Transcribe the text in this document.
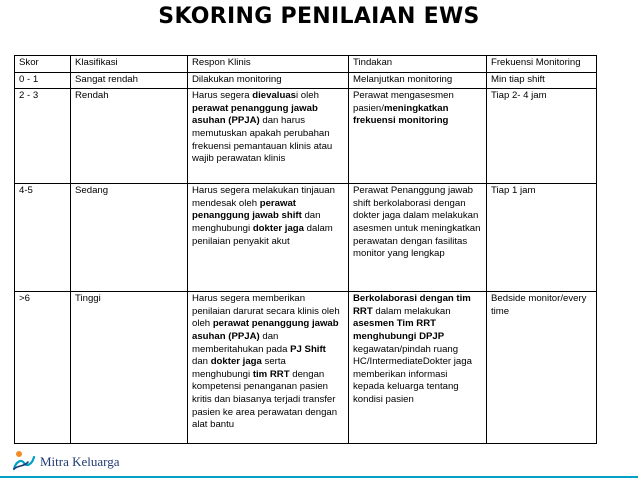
SKORING PENILAIAN EWS
Skor	Klasifikasi	Respon Klinis	Tindakan	Frekuensi Monitoring
0 - 1	Sangat rendah	Dilakukan monitoring	Melanjutkan monitoring	Min tiap shift
2 - 3	Rendah	Harus segera dievaluasi oleh perawat penanggung jawab asuhan (PPJA) dan harus memutuskan apakah perubahan frekuensi pemantauan klinis atau wajib perawatan klinis	Perawat mengasesmen pasien/meningkatkan frekuensi monitoring	Tiap 2- 4 jam
4-5	Sedang	Harus segera melakukan tinjauan mendesak oleh perawat penanggung jawab shift dan menghubungi dokter jaga dalam penilaian penyakit akut	Perawat Penanggung jawab shift berkolaborasi dengan dokter jaga dalam melakukan asesmen untuk meningkatkan perawatan dengan fasilitas monitor yang lengkap	Tiap 1 jam
>6	Tinggi	Harus segera memberikan penilaian darurat secara klinis oleh oleh perawat penanggung jawab asuhan (PPJA) dan memberitahukan pada PJ Shift dan dokter jaga serta menghubungi tim RRT dengan kompetensi penanganan pasien kritis dan biasanya terjadi transfer pasien ke area perawatan dengan alat bantu	Berkolaborasi dengan tim RRT dalam melakukan asesmen Tim RRT menghubungi DPJP kegawatan/pindah ruang HC/IntermediateDokter jaga memberikan informasi kepada keluarga tentang kondisi pasien	Bedside monitor/every time
Mitra Keluarga
